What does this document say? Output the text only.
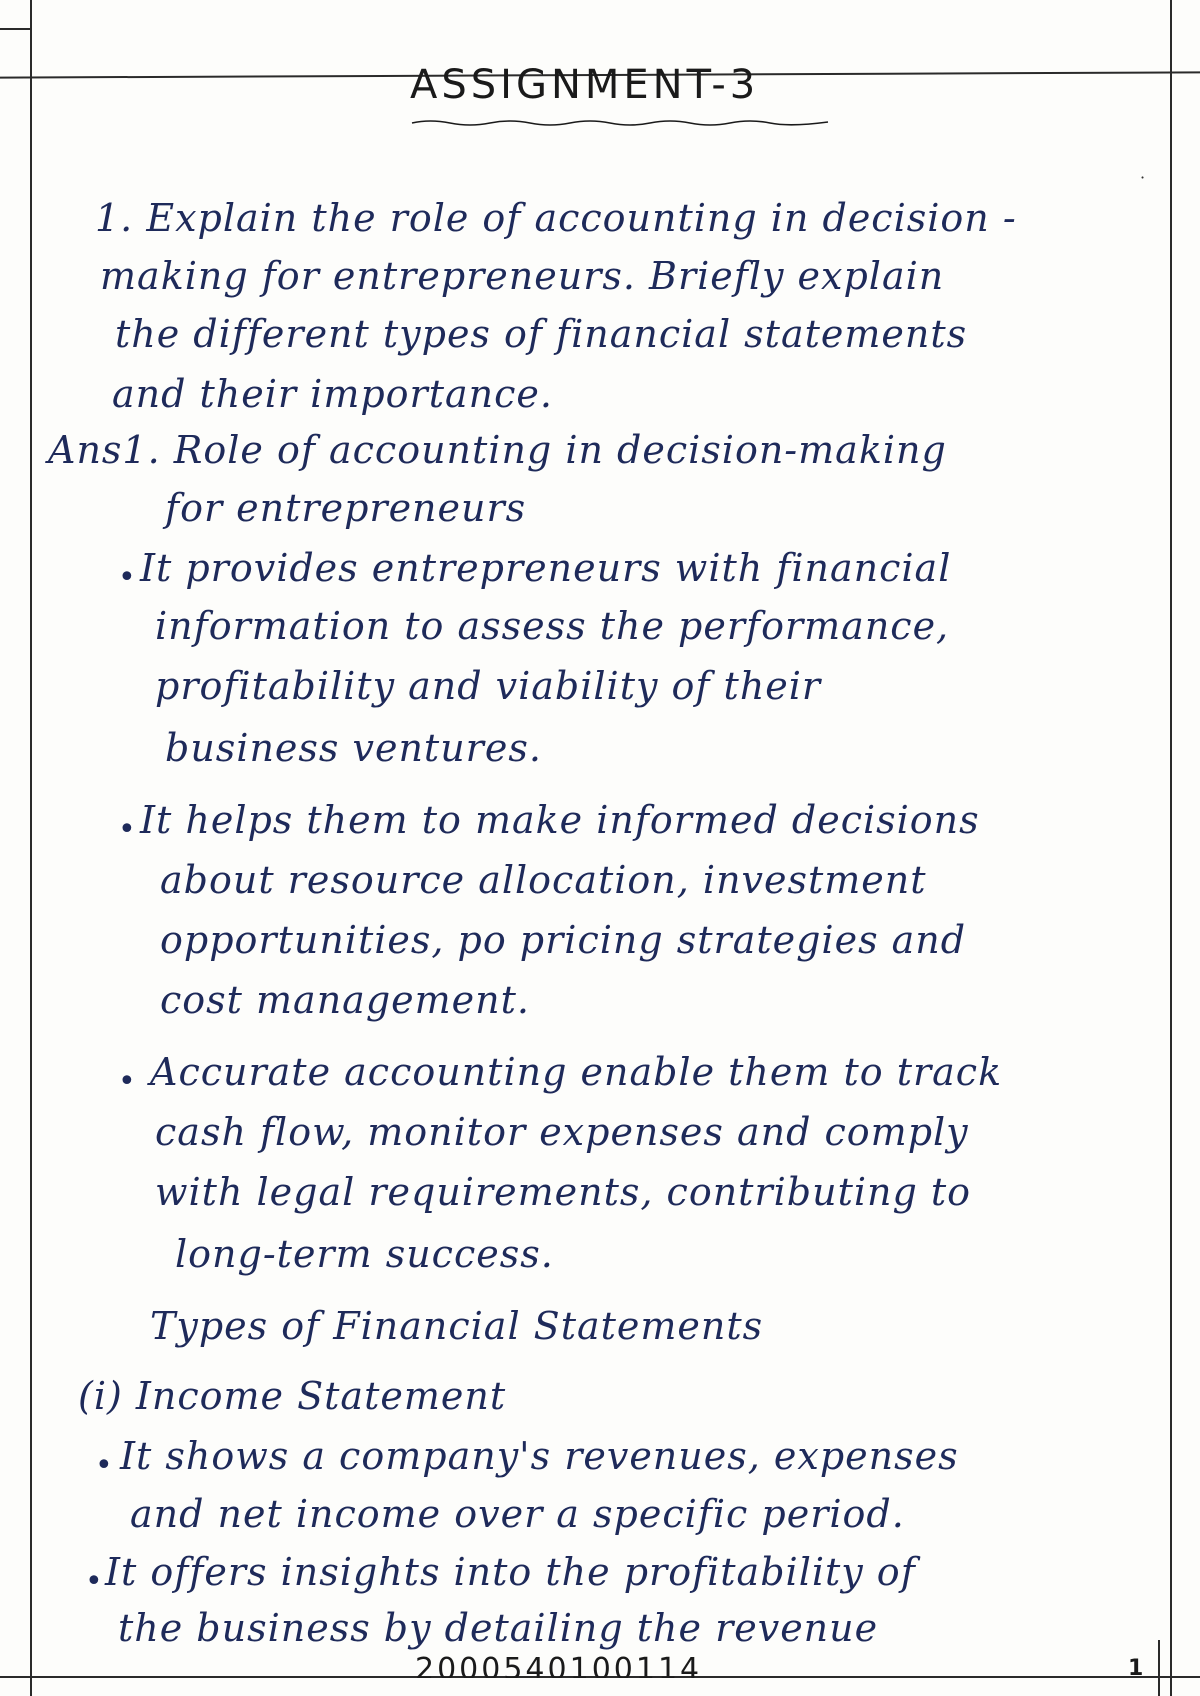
·
ASSIGNMENT-3
1. Explain the role of accounting in decision -
making for entrepreneurs. Briefly explain
the different types of financial statements
and their importance.
Ans1. Role of accounting in decision-making
for entrepreneurs
• It provides entrepreneurs with financial
information to assess the performance,
profitability and viability of their
business ventures.
• It helps them to make informed decisions
about resource allocation, investment
opportunities, po pricing strategies and
cost management.
• Accurate accounting enable them to track
cash flow, monitor expenses and comply
with legal requirements, contributing to
long-term success.
Types of Financial Statements
(i) Income Statement
• It shows a company's revenues, expenses
and net income over a specific period.
• It offers insights into the profitability of
the business by detailing the revenue
2000540100114	1
